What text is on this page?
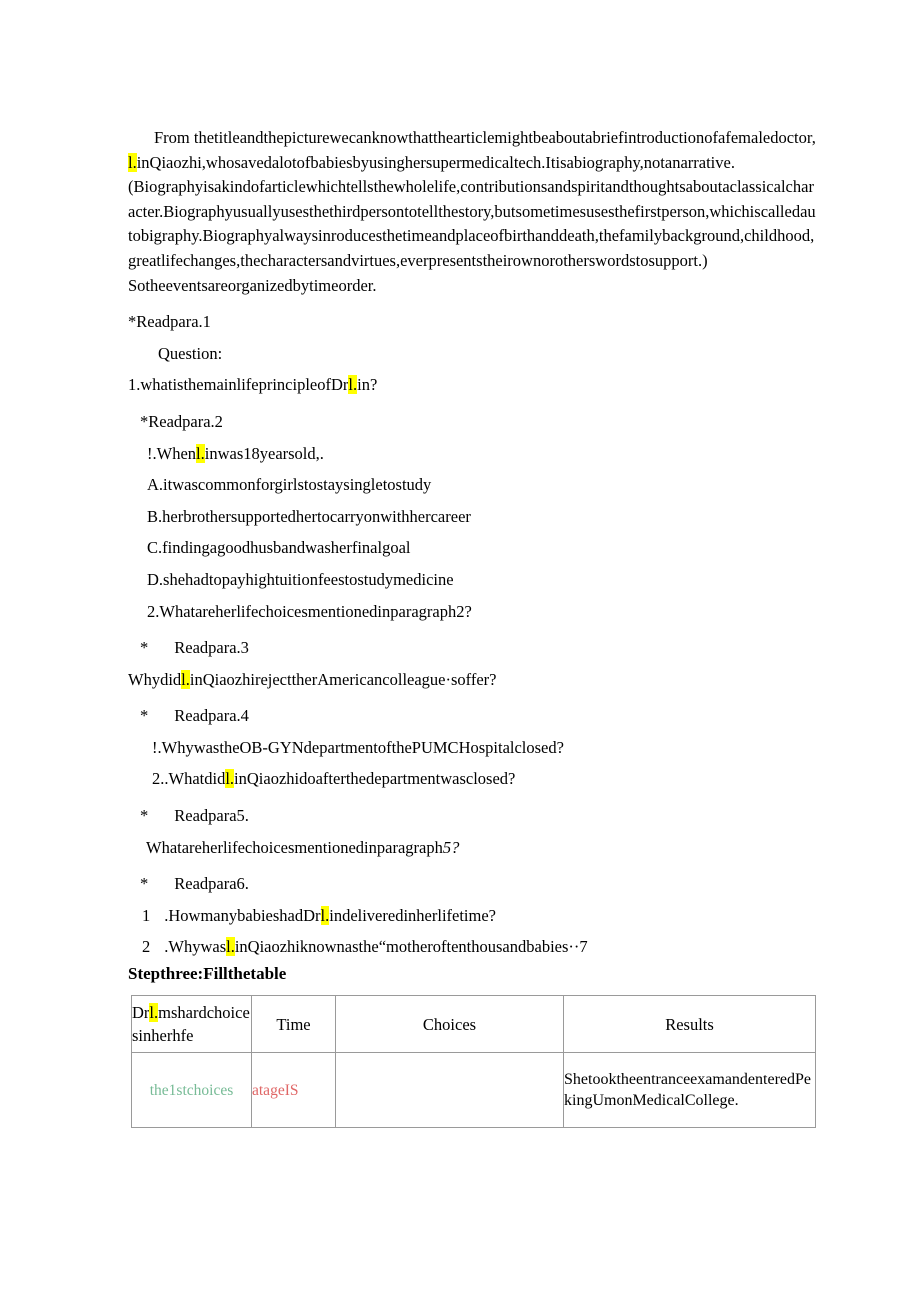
From thetitleandthepicturewecanknowthatthearticlemightbeaboutabriefintroductionofafemaledoctor,l.inQiaozhi,whosavedalotofbabiesbyusinghersupermedicaltech.Itisabiography,notanarrative.

(Biographyisakindofarticlewhichtellsthewholelife,contributionsandspiritandthoughtsaboutaclassicalcharacter.Biographyusuallyusesthethirdpersontotellthestory,butsometimesusesthefirstperson,whichiscalledautobigraphy.Biographyalwaysinroducesthetimeandplaceofbirthanddeath,thefamilybackground,childhood,greatlifechanges,thecharactersandvirtues,everpresentstheirownorotherswordstosupport.)

Sotheeventsareorganizedbytimeorder.

*Readpara.1

Question:

1.whatisthemainlifeprincipleofDrl.in?

*Readpara.2

!.Whenl.inwas18yearsold,.

A.itwascommonforgirlstostaysingletostudy

B.herbrothersupportedhertocarryonwithhercareer

C.findingagoodhusbandwasherfinalgoal

D.shehadtopayhightuitionfeestostudymedicine

2.Whatareherlifechoicesmentionedinparagraph2?

* Readpara.3

Whydidl.inQiaozhirejecttherAmericancolleague·soffer?

* Readpara.4

!.WhywastheOB-GYNdepartmentofthePUMCHospitalclosed?

2..Whatdidl.inQiaozhidoafterthedepartmentwasclosed?

* Readpara5.

Whatareherlifechoicesmentionedinparagraph5?

* Readpara6.

1 .HowmanybabieshadDrl.indeliveredinherlifetime?

2 .Whywasl.inQiaozhiknownasthe“motheroftenthousandbabies··7

Stepthree:Fillthetable

Drl.mshardchoicesinherhfe	Time	Choices	Results
the1stchoices	atageIS		ShetooktheentranceexamandenteredPekingUmonMedicalCollege.
